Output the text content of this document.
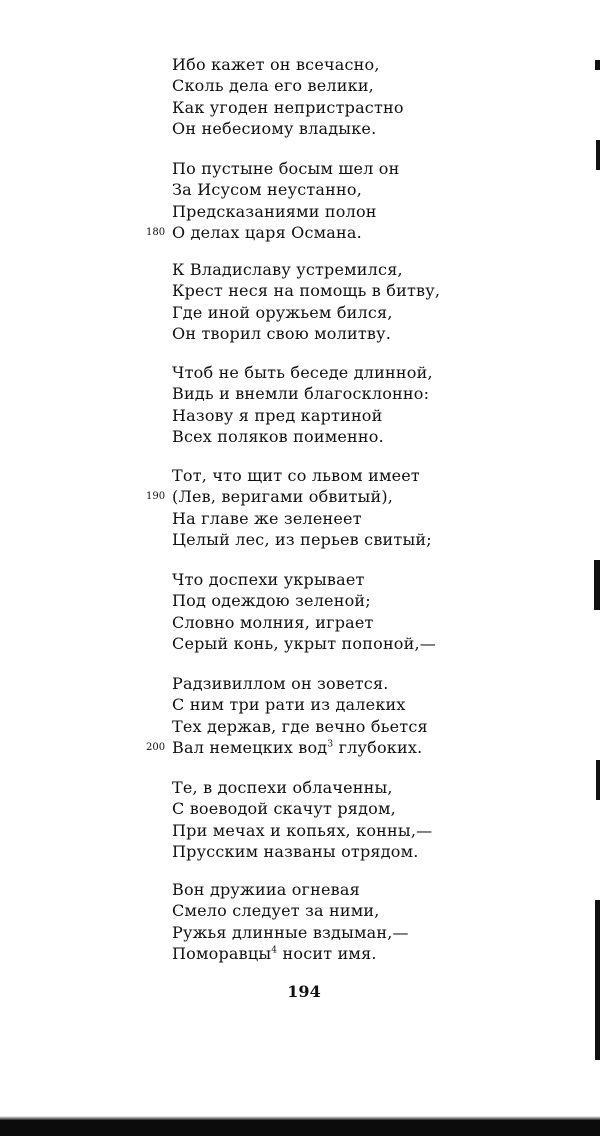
Ибо кажет он всечасно,
Сколь дела его велики,
Как угоден непристрастно
Он небесиому владыке.
По пустыне босым шел он
За Исусом неустанно,
Предсказаниями полон
180 О делах царя Османа.
К Владиславу устремился,
Крест неся на помощь в битву,
Где иной оружьем бился,
Он творил свою молитву.
Чтоб не быть беседе длинной,
Видь и внемли благосклонно:
Назову я пред картиной
Всех поляков поименно.
Тот, что щит со львом имеет
190 (Лев, веригами обвитый),
На главе же зеленеет
Целый лес, из перьев свитый;
Что доспехи укрывает
Под одеждою зеленой;
Словно молния, играет
Серый конь, укрыт попоной,—
Радзивиллом он зовется.
С ним три рати из далеких
Тех держав, где вечно бьется
200 Вал немецких вод$^3$ глубоких.
Те, в доспехи облаченны,
С воеводой скачут рядом,
При мечах и копьях, конны,—
Прусским названы отрядом.
Вон дружииа огневая
Смело следует за ними,
Ружья длинные вздыман,—
Поморавцы$^4$ носит имя.
194
